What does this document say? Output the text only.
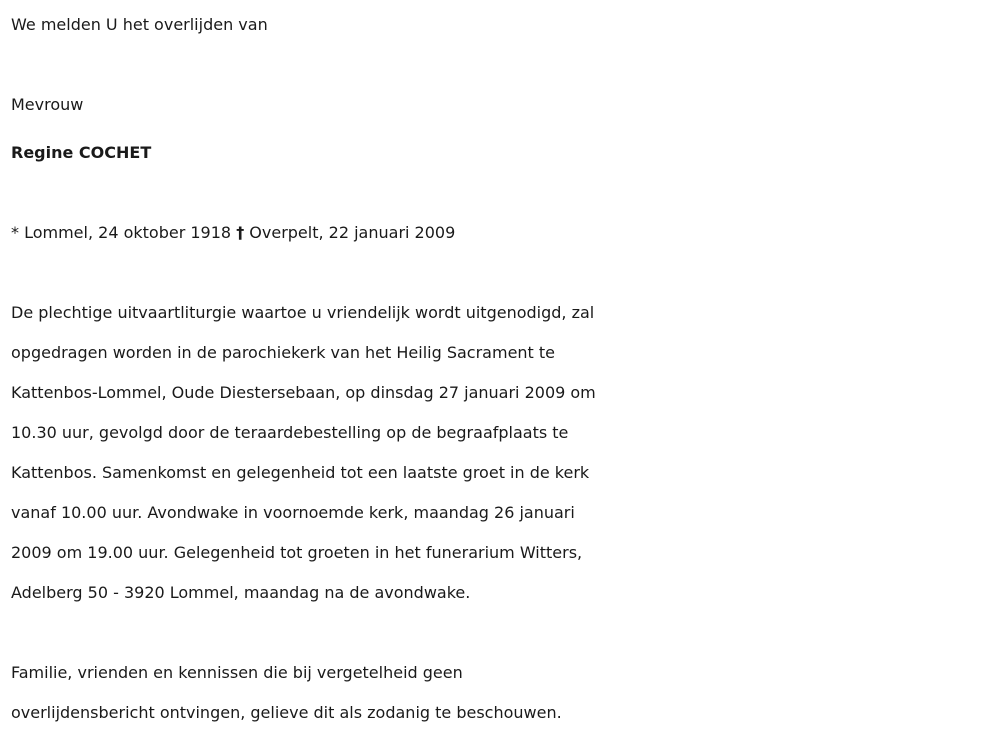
We melden U het overlijden van
Mevrouw
Regine COCHET
* Lommel, 24 oktober 1918 † Overpelt, 22 januari 2009
De plechtige uitvaartliturgie waartoe u vriendelijk wordt uitgenodigd, zal
opgedragen worden in de parochiekerk van het Heilig Sacrament te
Kattenbos-Lommel, Oude Diestersebaan, op dinsdag 27 januari 2009 om
10.30 uur, gevolgd door de teraardebestelling op de begraafplaats te
Kattenbos. Samenkomst en gelegenheid tot een laatste groet in de kerk
vanaf 10.00 uur. Avondwake in voornoemde kerk, maandag 26 januari
2009 om 19.00 uur. Gelegenheid tot groeten in het funerarium Witters,
Adelberg 50 - 3920 Lommel, maandag na de avondwake.
Familie, vrienden en kennissen die bij vergetelheid geen
overlijdensbericht ontvingen, gelieve dit als zodanig te beschouwen.
